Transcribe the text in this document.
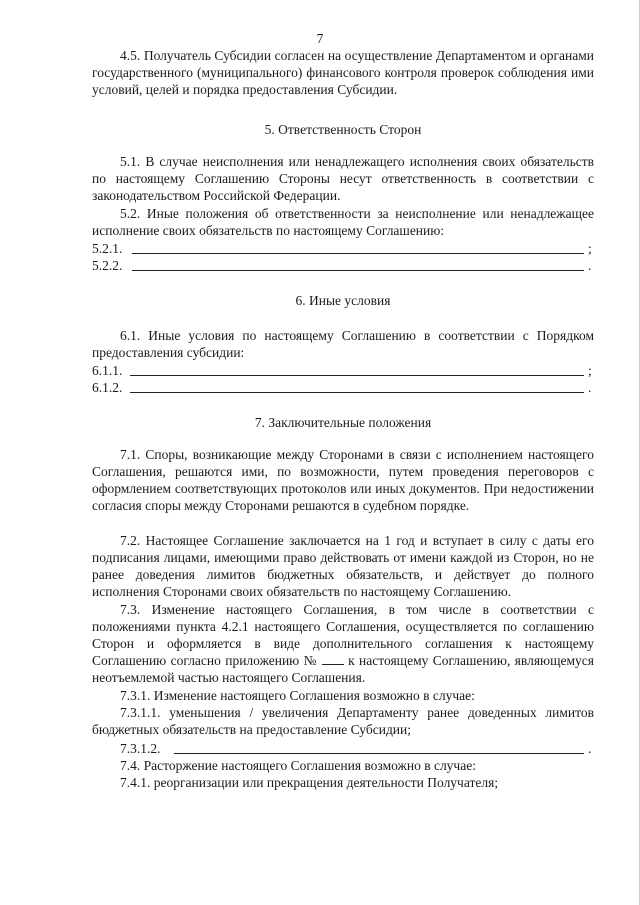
7
4.5. Получатель Субсидии согласен на осуществление Департаментом и органами государственного (муниципального) финансового контроля проверок соблюдения ими условий, целей и порядка предоставления Субсидии.
5. Ответственность Сторон
5.1. В случае неисполнения или ненадлежащего исполнения своих обязательств по настоящему Соглашению Стороны несут ответственность в соответствии с законодательством Российской Федерации.
5.2. Иные положения об ответственности за неисполнение или ненадлежащее исполнение своих обязательств по настоящему Соглашению:
5.2.1.	;
5.2.2.	.
6. Иные условия
6.1. Иные условия по настоящему Соглашению в соответствии с Порядком предоставления субсидии:
6.1.1.	;
6.1.2.	.
7. Заключительные положения
7.1. Споры, возникающие между Сторонами в связи с исполнением настоящего Соглашения, решаются ими, по возможности, путем проведения переговоров с оформлением соответствующих протоколов или иных документов. При недостижении согласия споры между Сторонами решаются в судебном порядке.
7.2. Настоящее Соглашение заключается на 1 год и вступает в силу с даты его подписания лицами, имеющими право действовать от имени каждой из Сторон, но не ранее доведения лимитов бюджетных обязательств, и действует до полного исполнения Сторонами своих обязательств по настоящему Соглашению.
7.3. Изменение настоящего Соглашения, в том числе в соответствии с положениями пункта 4.2.1 настоящего Соглашения, осуществляется по соглашению Сторон и оформляется в виде дополнительного соглашения к настоящему Соглашению согласно приложению № к настоящему Соглашению, являющемуся неотъемлемой частью настоящего Соглашения.
7.3.1. Изменение настоящего Соглашения возможно в случае:
7.3.1.1. уменьшения / увеличения Департаменту ранее доведенных лимитов бюджетных обязательств на предоставление Субсидии;
7.3.1.2.	.
7.4. Расторжение настоящего Соглашения возможно в случае:
7.4.1. реорганизации или прекращения деятельности Получателя;
